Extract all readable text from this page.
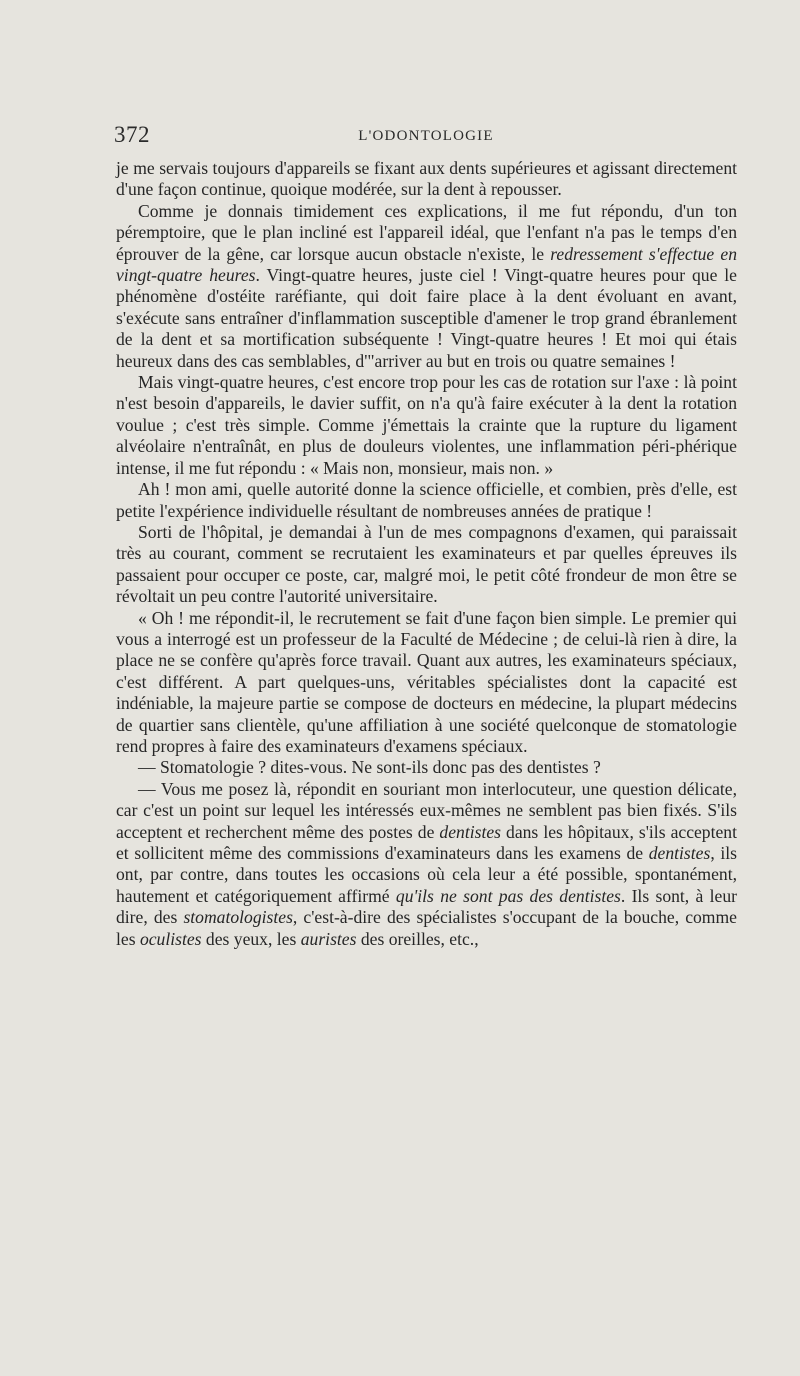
372	L'ODONTOLOGIE

je me servais toujours d'appareils se fixant aux dents supérieures et agissant directement d'une façon continue, quoique modérée, sur la dent à repousser.

Comme je donnais timidement ces explications, il me fut répondu, d'un ton péremptoire, que le plan incliné est l'appareil idéal, que l'enfant n'a pas le temps d'en éprouver de la gêne, car lorsque aucun obstacle n'existe, le redressement s'effectue en vingt-quatre heures. Vingt-quatre heures, juste ciel ! Vingt-quatre heures pour que le phénomène d'ostéite raréfiante, qui doit faire place à la dent évoluant en avant, s'exécute sans entraîner d'inflammation susceptible d'amener le trop grand ébranlement de la dent et sa mortification subséquente ! Vingt-quatre heures ! Et moi qui étais heureux dans des cas semblables, d'"arriver au but en trois ou quatre semaines !

Mais vingt-quatre heures, c'est encore trop pour les cas de rotation sur l'axe : là point n'est besoin d'appareils, le davier suffit, on n'a qu'à faire exécuter à la dent la rotation voulue ; c'est très simple. Comme j'émettais la crainte que la rupture du ligament alvéolaire n'entraînât, en plus de douleurs violentes, une inflammation péri-phérique intense, il me fut répondu : « Mais non, monsieur, mais non. »

Ah ! mon ami, quelle autorité donne la science officielle, et combien, près d'elle, est petite l'expérience individuelle résultant de nombreuses années de pratique !

Sorti de l'hôpital, je demandai à l'un de mes compagnons d'examen, qui paraissait très au courant, comment se recrutaient les examinateurs et par quelles épreuves ils passaient pour occuper ce poste, car, malgré moi, le petit côté frondeur de mon être se révoltait un peu contre l'autorité universitaire.

« Oh ! me répondit-il, le recrutement se fait d'une façon bien simple. Le premier qui vous a interrogé est un professeur de la Faculté de Médecine ; de celui-là rien à dire, la place ne se confère qu'après force travail. Quant aux autres, les examinateurs spéciaux, c'est différent. A part quelques-uns, véritables spécialistes dont la capacité est indéniable, la majeure partie se compose de docteurs en médecine, la plupart médecins de quartier sans clientèle, qu'une affiliation à une société quelconque de stomatologie rend propres à faire des examinateurs d'examens spéciaux.

— Stomatologie ? dites-vous. Ne sont-ils donc pas des dentistes ?

— Vous me posez là, répondit en souriant mon interlocuteur, une question délicate, car c'est un point sur lequel les intéressés eux-mêmes ne semblent pas bien fixés. S'ils acceptent et recherchent même des postes de dentistes dans les hôpitaux, s'ils acceptent et sollicitent même des commissions d'examinateurs dans les examens de dentistes, ils ont, par contre, dans toutes les occasions où cela leur a été possible, spontanément, hautement et catégoriquement affirmé qu'ils ne sont pas des dentistes. Ils sont, à leur dire, des stomatologistes, c'est-à-dire des spécialistes s'occupant de la bouche, comme les oculistes des yeux, les auristes des oreilles, etc.,
